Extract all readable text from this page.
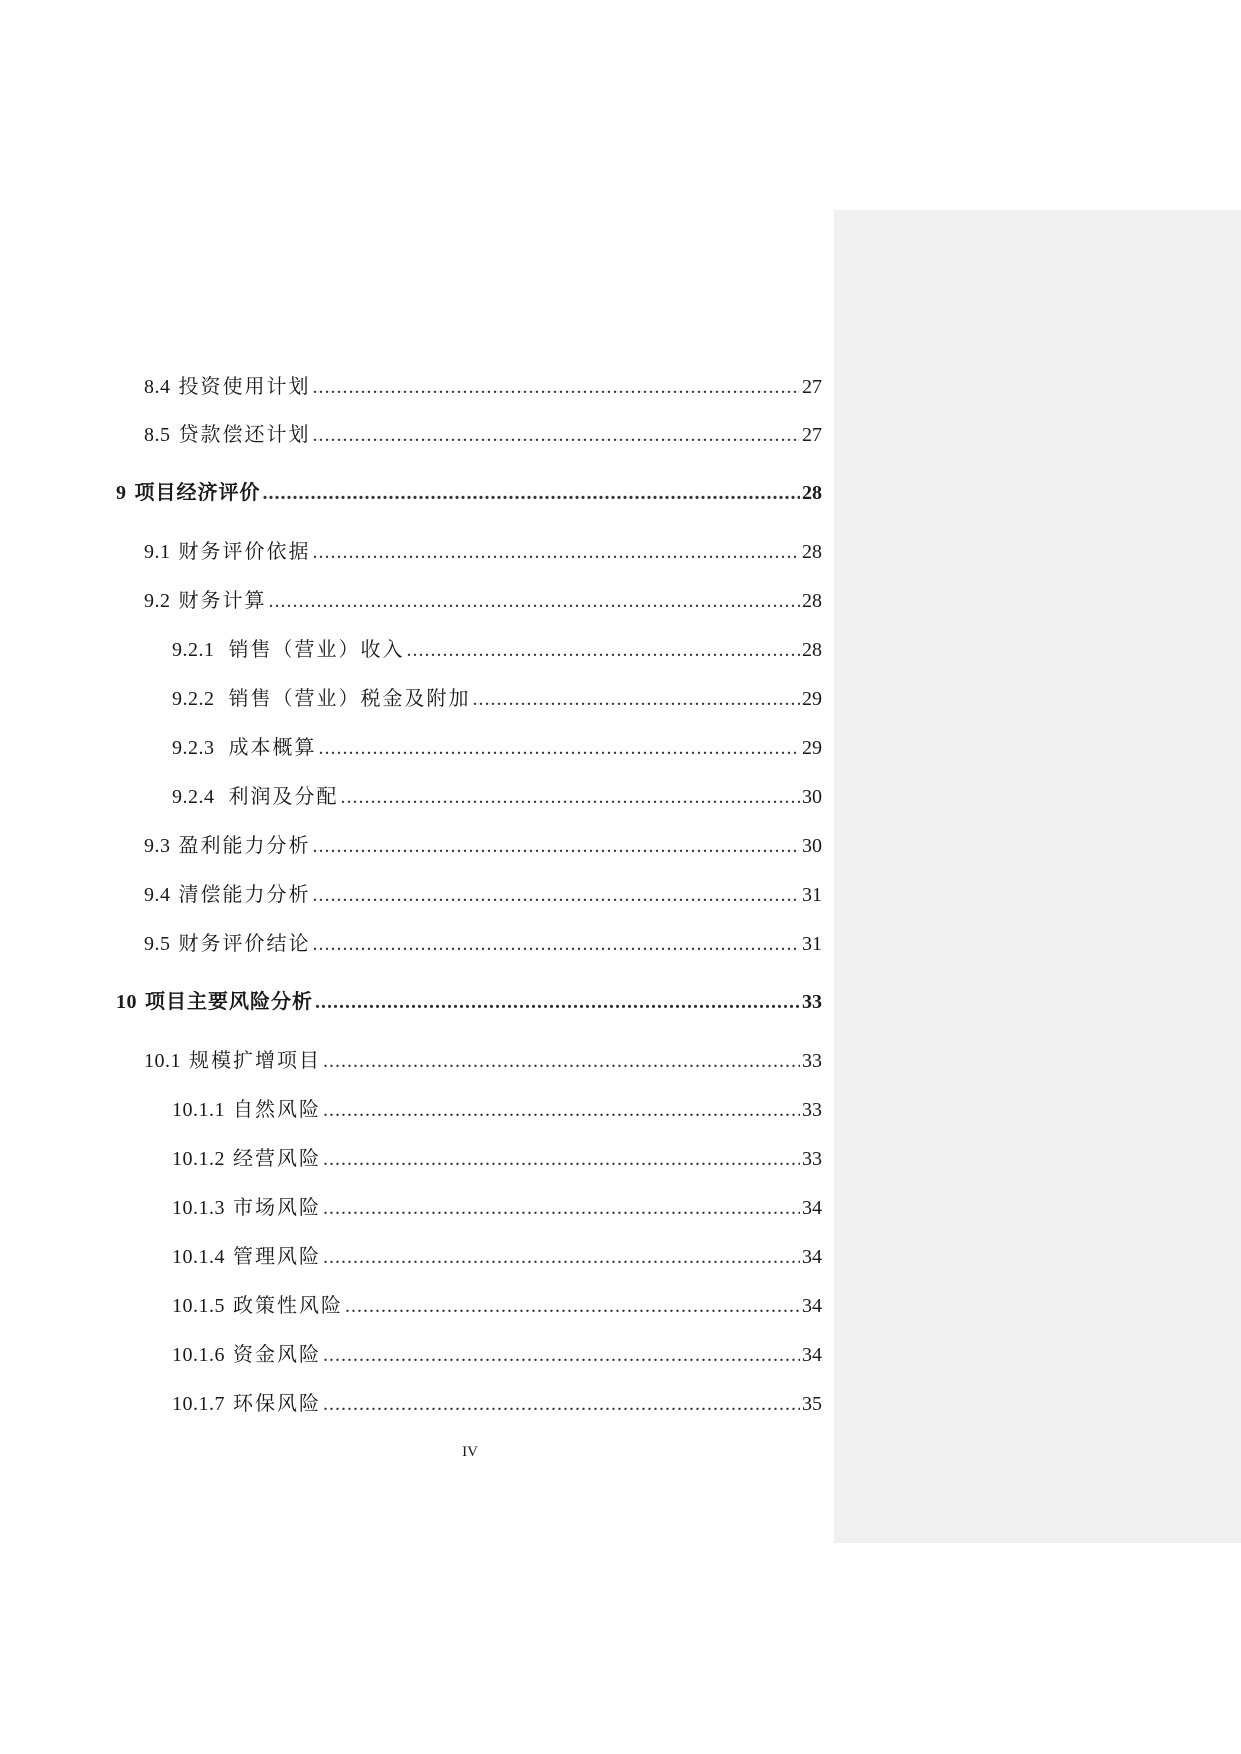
8.4 投资使用计划 .....	27
8.5 贷款偿还计划 .....	27
9 项目经济评价 .....	28
9.1 财务评价依据 .....	28
9.2 财务计算 .....	28
9.2.1 销售（营业）收入 .....	28
9.2.2 销售（营业）税金及附加 .....	29
9.2.3 成本概算 .....	29
9.2.4 利润及分配 .....	30
9.3 盈利能力分析 .....	30
9.4 清偿能力分析 .....	31
9.5 财务评价结论 .....	31
10 项目主要风险分析 .....	33
10.1 规模扩增项目 .....	33
10.1.1 自然风险 .....	33
10.1.2 经营风险 .....	33
10.1.3 市场风险 .....	34
10.1.4 管理风险 .....	34
10.1.5 政策性风险 .....	34
10.1.6 资金风险 .....	34
10.1.7 环保风险 .....	35
IV
